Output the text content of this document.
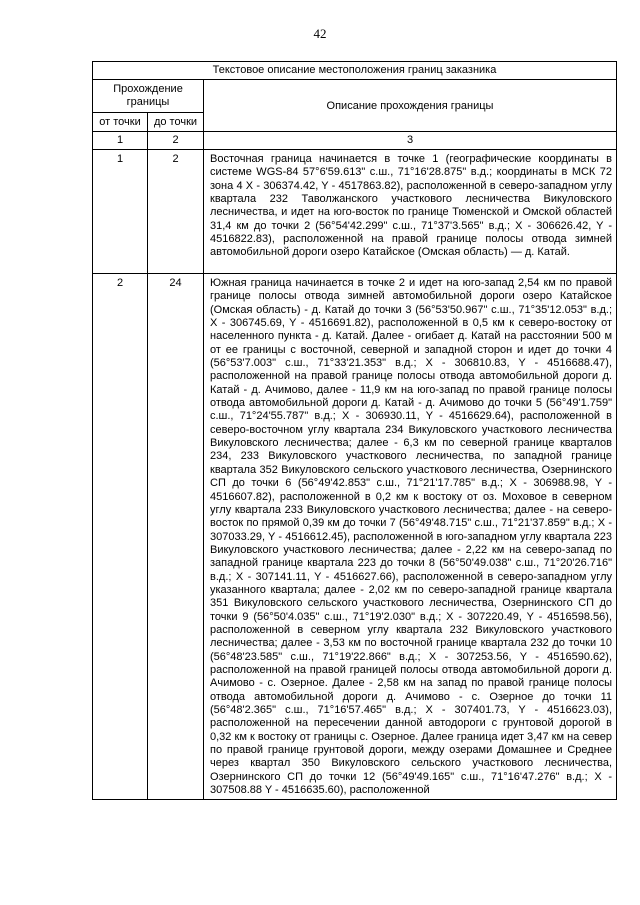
42
Текстовое описание местоположения границ заказника		
Прохождение границы		Описание прохождения границы
от точки	до точки	
1	2	3
1	2	Восточная граница начинается в точке 1 (географические координаты в системе WGS-84 57°6'59.613" с.ш., 71°16'28.875" в.д.; координаты в МСК 72 зона 4 X - 306374.42, Y - 4517863.82), расположенной в северо-западном углу квартала 232 Таволжанского участкового лесничества Викуловского лесничества, и идет на юго-восток по границе Тюменской и Омской областей 31,4 км до точки 2 (56°54'42.299" с.ш., 71°37'3.565" в.д.; X - 306626.42, Y - 4516822.83), расположенной на правой границе полосы отвода зимней автомобильной дороги озеро Катайское (Омская область) — д. Катай.
2	24	Южная граница начинается в точке 2 и идет на юго-запад 2,54 км по правой границе полосы отвода зимней автомобильной дороги озеро Катайское (Омская область) - д. Катай до точки 3 (56°53'50.967" с.ш., 71°35'12.053" в.д.; X - 306745.69, Y - 4516691.82), расположенной в 0,5 км к северо-востоку от населенного пункта - д. Катай. Далее - огибает д. Катай на расстоянии 500 м от ее границы с восточной, северной и западной сторон и идет до точки 4 (56°53'7.003" с.ш., 71°33'21.353" в.д.; X - 306810.83, Y - 4516688.47), расположенной на правой границе полосы отвода автомобильной дороги д. Катай - д. Ачимово, далее - 11,9 км на юго-запад по правой границе полосы отвода автомобильной дороги д. Катай - д. Ачимово до точки 5 (56°49'1.759" с.ш., 71°24'55.787" в.д.; X - 306930.11, Y - 4516629.64), расположенной в северо-восточном углу квартала 234 Викуловского участкового лесничества Викуловского лесничества; далее - 6,3 км по северной границе кварталов 234, 233 Викуловского участкового лесничества, по западной границе квартала 352 Викуловского сельского участкового лесничества, Озернинского СП до точки 6 (56°49'42.853" с.ш., 71°21'17.785" в.д.; X - 306988.98, Y - 4516607.82), расположенной в 0,2 км к востоку от оз. Моховое в северном углу квартала 233 Викуловского участкового лесничества; далее - на северо-восток по прямой 0,39 км до точки 7 (56°49'48.715" с.ш., 71°21'37.859" в.д.; X - 307033.29, Y - 4516612.45), расположенной в юго-западном углу квартала 223 Викуловского участкового лесничества; далее - 2,22 км на северо-запад по западной границе квартала 223 до точки 8 (56°50'49.038" с.ш., 71°20'26.716" в.д.; X - 307141.11, Y - 4516627.66), расположенной в северо-западном углу указанного квартала; далее - 2,02 км по северо-западной границе квартала 351 Викуловского сельского участкового лесничества, Озернинского СП до точки 9 (56°50'4.035" с.ш., 71°19'2.030" в.д.; X - 307220.49, Y - 4516598.56), расположенной в северном углу квартала 232 Викуловского участкового лесничества; далее - 3,53 км по восточной границе квартала 232 до точки 10 (56°48'23.585" с.ш., 71°19'22.866" в.д.; X - 307253.56, Y - 4516590.62), расположенной на правой границей полосы отвода автомобильной дороги д. Ачимово - с. Озерное. Далее - 2,58 км на запад по правой границе полосы отвода автомобильной дороги д. Ачимово - с. Озерное до точки 11 (56°48'2.365" с.ш., 71°16'57.465" в.д.; X - 307401.73, Y - 4516623.03), расположенной на пересечении данной автодороги с грунтовой дорогой в 0,32 км к востоку от границы с. Озерное. Далее граница идет 3,47 км на север по правой границе грунтовой дороги, между озерами Домашнее и Среднее через квартал 350 Викуловского сельского участкового лесничества, Озернинского СП до точки 12 (56°49'49.165" с.ш., 71°16'47.276" в.д.; X - 307508.88 Y - 4516635.60), расположенной
